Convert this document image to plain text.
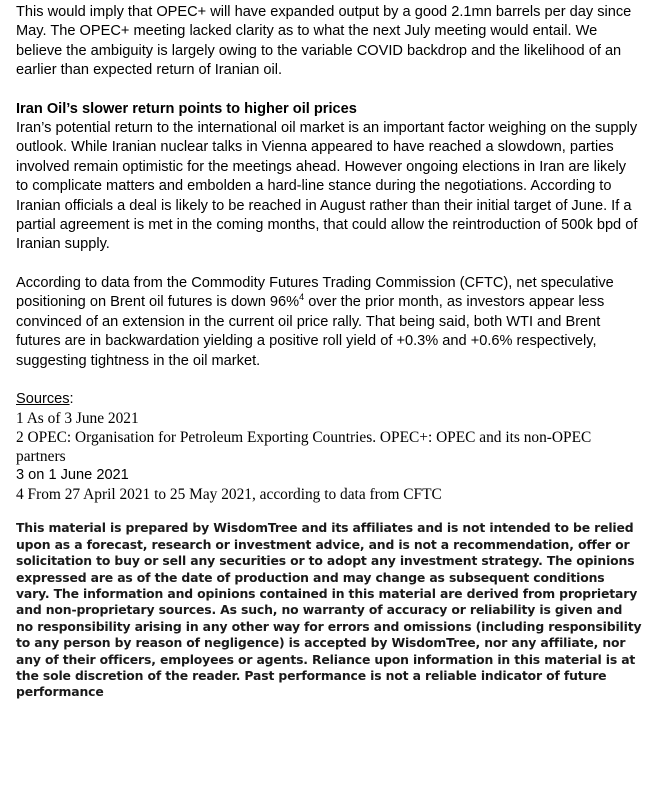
This would imply that OPEC+ will have expanded output by a good 2.1mn barrels per day since May. The OPEC+ meeting lacked clarity as to what the next July meeting would entail. We believe the ambiguity is largely owing to the variable COVID backdrop and the likelihood of an earlier than expected return of Iranian oil.

Iran Oil’s slower return points to higher oil prices

Iran’s potential return to the international oil market is an important factor weighing on the supply outlook. While Iranian nuclear talks in Vienna appeared to have reached a slowdown, parties involved remain optimistic for the meetings ahead. However ongoing elections in Iran are likely to complicate matters and embolden a hard-line stance during the negotiations. According to Iranian officials a deal is likely to be reached in August rather than their initial target of June. If a partial agreement is met in the coming months, that could allow the reintroduction of 500k bpd of Iranian supply.

According to data from the Commodity Futures Trading Commission (CFTC), net speculative positioning on Brent oil futures is down 96%$^4$ over the prior month, as investors appear less convinced of an extension in the current oil price rally. That being said, both WTI and Brent futures are in backwardation yielding a positive roll yield of +0.3% and +0.6% respectively, suggesting tightness in the oil market.

Sources:

1 As of 3 June 2021

2 OPEC: Organisation for Petroleum Exporting Countries. OPEC+: OPEC and its non-OPEC partners

3 on 1 June 2021

4 From 27 April 2021 to 25 May 2021, according to data from CFTC

This material is prepared by WisdomTree and its affiliates and is not intended to be relied upon as a forecast, research or investment advice, and is not a recommendation, offer or solicitation to buy or sell any securities or to adopt any investment strategy. The opinions expressed are as of the date of production and may change as subsequent conditions vary. The information and opinions contained in this material are derived from proprietary and non-proprietary sources. As such, no warranty of accuracy or reliability is given and no responsibility arising in any other way for errors and omissions (including responsibility to any person by reason of negligence) is accepted by WisdomTree, nor any affiliate, nor any of their officers, employees or agents. Reliance upon information in this material is at the sole discretion of the reader. Past performance is not a reliable indicator of future performance
